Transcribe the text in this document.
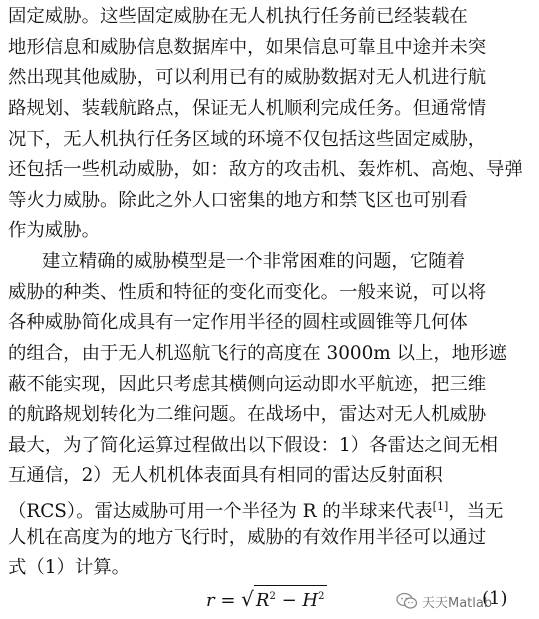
固定威胁。这些固定威胁在无人机执行任务前已经装载在
地形信息和威胁信息数据库中，如果信息可靠且中途并未突
然出现其他威胁，可以利用已有的威胁数据对无人机进行航
路规划、装载航路点，保证无人机顺利完成任务。但通常情
况下，无人机执行任务区域的环境不仅包括这些固定威胁，
还包括一些机动威胁，如：敌方的攻击机、轰炸机、高炮、导弹
等火力威胁。除此之外人口密集的地方和禁飞区也可别看
作为威胁。
建立精确的威胁模型是一个非常困难的问题，它随着
威胁的种类、性质和特征的变化而变化。一般来说，可以将
各种威胁简化成具有一定作用半径的圆柱或圆锥等几何体
的组合，由于无人机巡航飞行的高度在 3000m 以上，地形遮
蔽不能实现，因此只考虑其横侧向运动即水平航迹，把三维
的航路规划转化为二维问题。在战场中，雷达对无人机威胁
最大，为了简化运算过程做出以下假设：1）各雷达之间无相
互通信，2）无人机机体表面具有相同的雷达反射面积
（RCS）。雷达威胁可用一个半径为 R 的半球来代表[1]，当无
r = √ $R^2 - H^2$	(1)
天天Matlab
人机在高度为的地方飞行时，威胁的有效作用半径可以通过
式（1）计算。
